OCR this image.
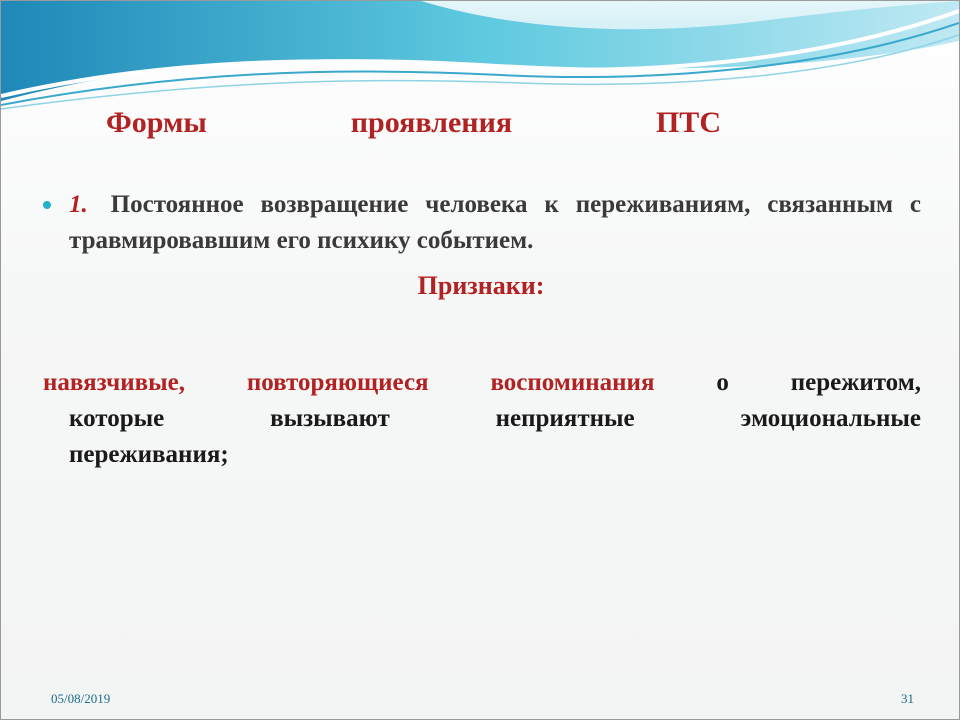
Формы	проявления	ПТС
1. Постоянное возвращение человека к переживаниям, связанным с травмировавшим его психику событием.
Признаки:
навязчивые, повторяющиеся воспоминания о пережитом,
которые	вызывают	неприятные	эмоциональные
переживания;
05/08/2019	31
